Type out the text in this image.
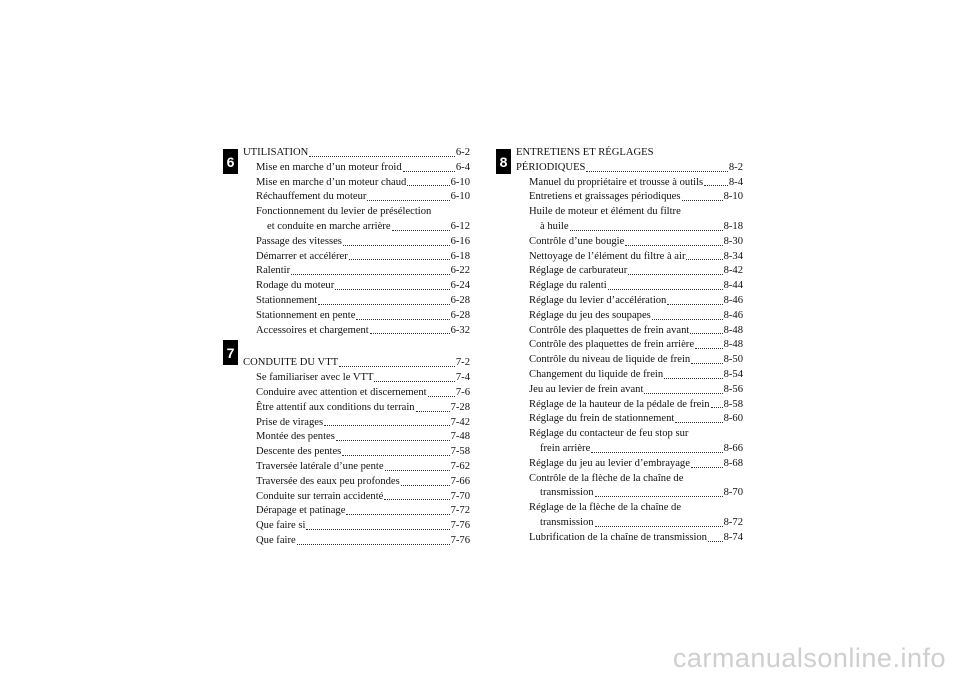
6
7
8
UTILISATION	6-2
Mise en marche d’un moteur froid	6-4
Mise en marche d’un moteur chaud	6-10
Réchauffement du moteur	6-10
Fonctionnement du levier de présélection
et conduite en marche arrière	6-12
Passage des vitesses	6-16
Démarrer et accélérer	6-18
Ralentir	6-22
Rodage du moteur	6-24
Stationnement	6-28
Stationnement en pente	6-28
Accessoires et chargement	6-32
CONDUITE DU VTT	7-2
Se familiariser avec le VTT	7-4
Conduire avec attention et discernement	7-6
Être attentif aux conditions du terrain	7-28
Prise de virages	7-42
Montée des pentes	7-48
Descente des pentes	7-58
Traversée latérale d’une pente	7-62
Traversée des eaux peu profondes	7-66
Conduite sur terrain accidenté	7-70
Dérapage et patinage	7-72
Que faire si	7-76
Que faire	7-76
ENTRETIENS ET RÉGLAGES
PÉRIODIQUES	8-2
Manuel du propriétaire et trousse à outils 8-4
Entretiens et graissages périodiques	8-10
Huile de moteur et élément du filtre
à huile	8-18
Contrôle d’une bougie	8-30
Nettoyage de l’élément du filtre à air	8-34
Réglage de carburateur	8-42
Réglage du ralenti	8-44
Réglage du levier d’accélération	8-46
Réglage du jeu des soupapes	8-46
Contrôle des plaquettes de frein avant	8-48
Contrôle des plaquettes de frein arrière	8-48
Contrôle du niveau de liquide de frein	8-50
Changement du liquide de frein	8-54
Jeu au levier de frein avant	8-56
Réglage de la hauteur de la pédale de frein 8-58
Réglage du frein de stationnement	8-60
Réglage du contacteur de feu stop sur
frein arrière	8-66
Réglage du jeu au levier d’embrayage	8-68
Contrôle de la flèche de la chaîne de
transmission	8-70
Réglage de la flèche de la chaîne de
transmission	8-72
Lubrification de la chaîne de transmission 8-74
carmanualsonline.info
